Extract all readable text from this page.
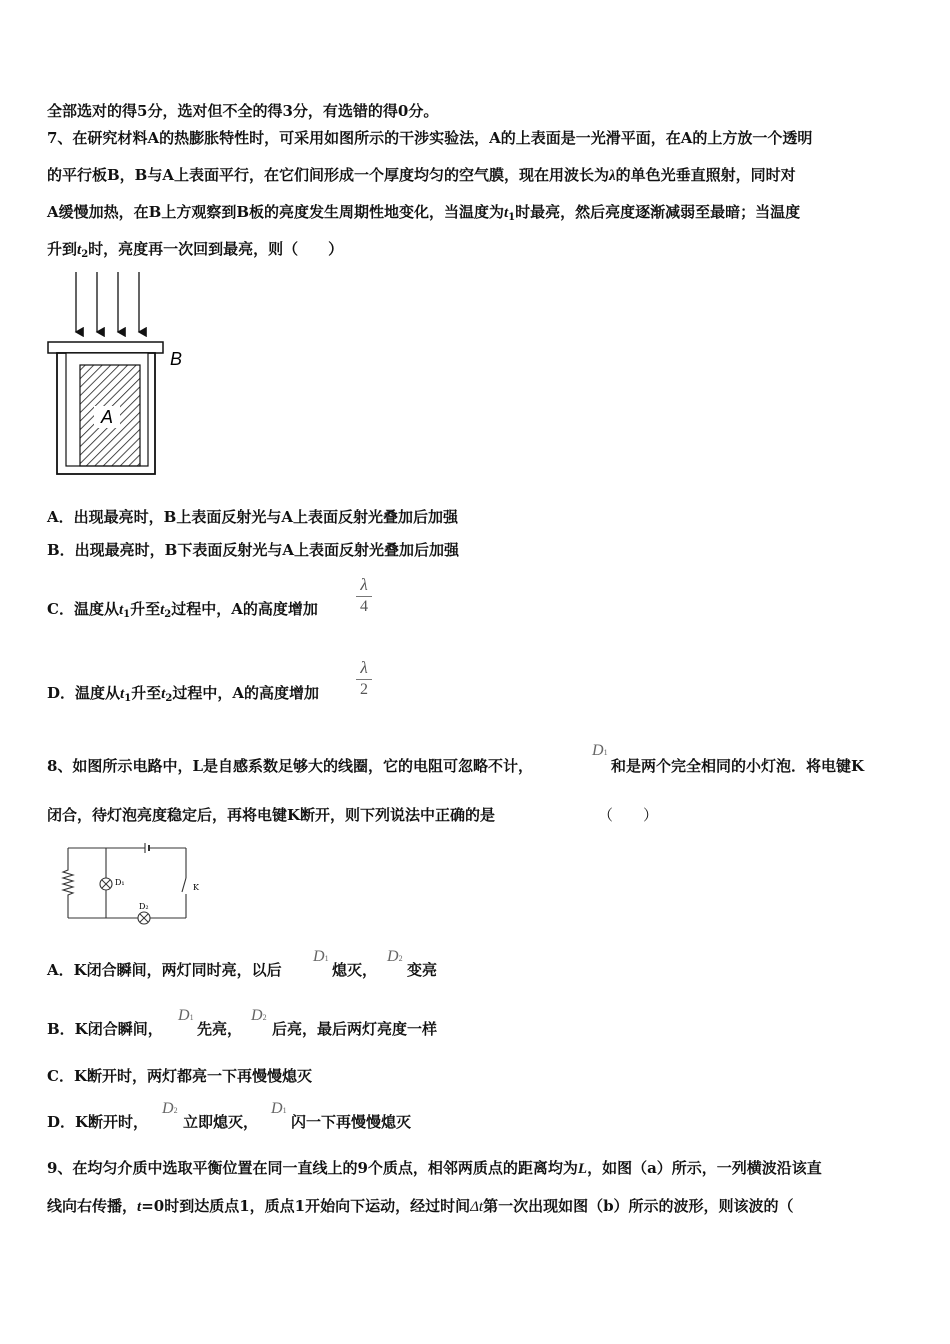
全部选对的得5分，选对但不全的得3分，有选错的得0分。
7、在研究材料A的热膨胀特性时，可采用如图所示的干涉实验法，A的上表面是一光滑平面，在A的上方放一个透明
的平行板B，B与A上表面平行，在它们间形成一个厚度均匀的空气膜，现在用波长为λ的单色光垂直照射，同时对
A缓慢加热，在B上方观察到B板的亮度发生周期性地变化，当温度为$t_1$时最亮，然后亮度逐渐减弱至最暗；当温度
升到$t_2$时，亮度再一次回到最亮，则（　　）
A
B
A．出现最亮时，B上表面反射光与A上表面反射光叠加后加强
B．出现最亮时，B下表面反射光与A上表面反射光叠加后加强
C．温度从$t_1$升至$t_2$过程中，A的高度增加
λ
4
D．温度从$t_1$升至$t_2$过程中，A的高度增加
λ
2
8、如图所示电路中，L是自感系数足够大的线圈，它的电阻可忽略不计，
D1
和是两个完全相同的小灯泡．将电键K
闭合，待灯泡亮度稳定后，再将电键K断开，则下列说法中正确的是	（　　）
K
D₁
D₂
A．K闭合瞬间，两灯同时亮，以后
D1
熄灭，
D2
变亮
B．K闭合瞬间，
D1
先亮，
D2
后亮，最后两灯亮度一样
C．K断开时，两灯都亮一下再慢慢熄灭
D．K断开时，
D2
立即熄灭，
D1
闪一下再慢慢熄灭
9、在均匀介质中选取平衡位置在同一直线上的9个质点，相邻两质点的距离均为L，如图（a）所示，一列横波沿该直
线向右传播，t=0时到达质点1，质点1开始向下运动，经过时间Δt第一次出现如图（b）所示的波形，则该波的（
